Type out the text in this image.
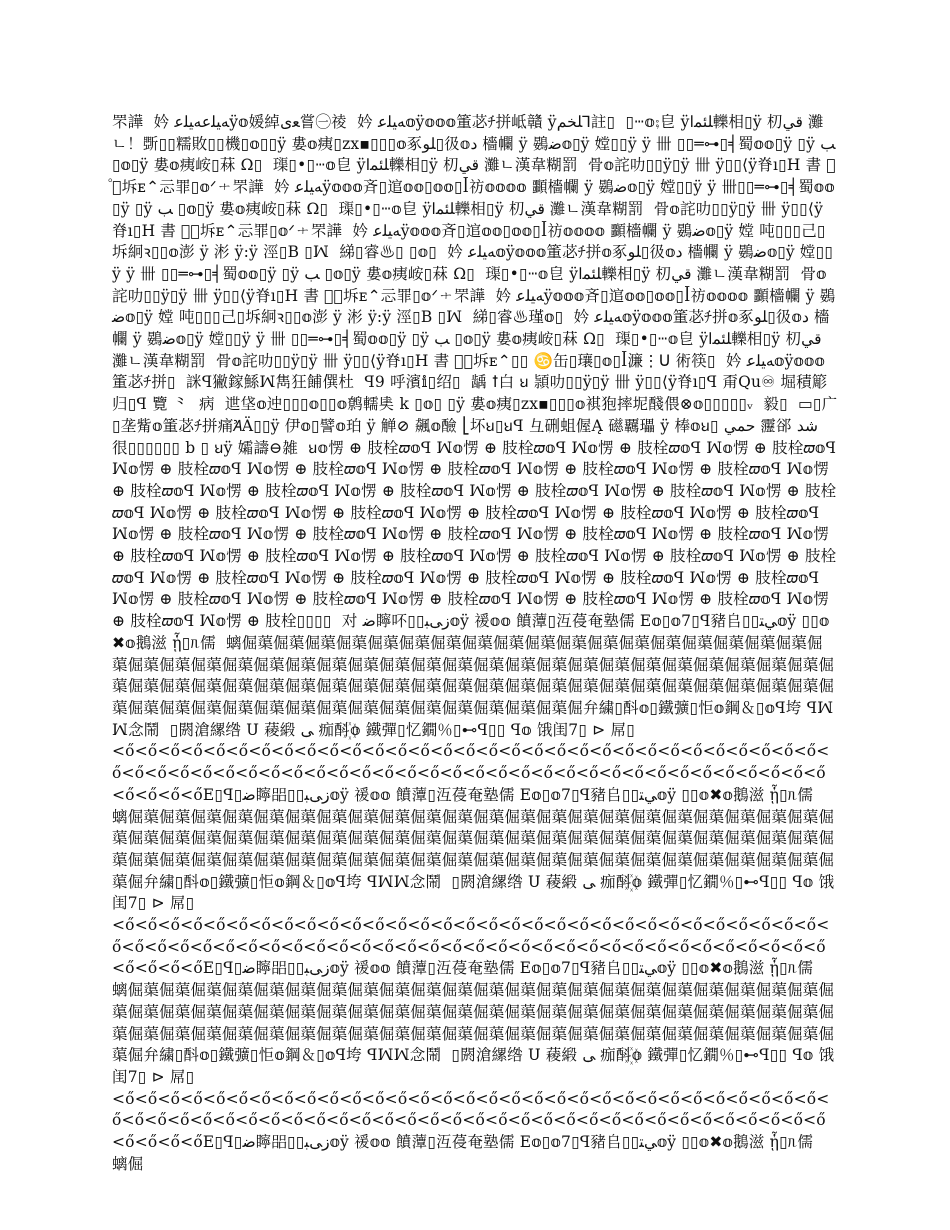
罘譁  妗 ﻪﻴﻠﻋﻪﻴﻠﻋÿ𝕠媛綽ﻌﯼ嘗㊀祾  妗 ﻪﻴﻠﻋ𝕠ÿ𝕠𝕠𝕠箽苾ﾁ拼岻贛 ÿﻠﺨﻢ⅂註▯  ▯ⵈ𝕠⨟皀 ÿﻠﺌﻤﺍ轢相▯ÿ 朷ﻗﻲ 灘ㄴ！斲▯▯糯敗▯▯機▯𝕠▯▯ÿ 婁𝕠痍▯zx▪▯▯▯𝕠豖ﻠﻮ▯彶𝕠ﺩ 檣幱 ÿ 鷃ﺿ𝕠▯ÿ 𡠠▯▯ÿ ÿ 卌 ▯▯═⊶▯╡蜀𝕠𝕠▯ÿ ▯ÿ ﺐ ▯𝕠▯ÿ 婁𝕠痍峖▯菻 Ω▯  璖▯•▯ⵈ𝕠皀 ÿﻠﺌﻤﺍ轢相▯ÿ 朷ﻗﻲ 灘ㄴ漢韋糊罰  骨𝕠詫叻▯▯ÿ▯ÿ 卌 ÿ▯▯⟨ÿ脊ı▯H 書 ゚𝜋坼ᴇ⌃忈罪▯𝕠ᐟㆺ罘譁  妗 ﻪﻴﻠﻋÿ𝕠𝕠𝕠斉▯逭𝕠𝕠▯𝕠𝕠▯ꟾ祊𝕠𝕠𝕠𝕠 䫷檣幱 ÿ 鷃ﺿ𝕠▯ÿ 𡠠▯▯ÿ ÿ 卌▯▯═⊶▯╡蜀𝕠𝕠▯ÿ ▯ÿ ﺐ ▯𝕠▯ÿ 婁𝕠痍峖▯菻 Ω▯  璖▯•▯ⵈ𝕠皀 ÿﻠﺌﻤﺍ轢相▯ÿ 朷ﻗﻲ 灘ㄴ漢韋糊罰  骨𝕠詫叻▯▯ÿ▯ÿ 卌 ÿ▯▯⟨ÿ脊ı▯H 書 ゚𝜋坼ᴇ⌃忈罪▯𝕠ᐟㆺ罘譁  妗 ﻪﻴﻠﻋÿ𝕠𝕠𝕠斉▯逭𝕠𝕠▯𝕠𝕠▯ꟾ祊𝕠𝕠𝕠𝕠 䫷檣幱 ÿ 鷃ﺿ𝕠▯ÿ 𡠠 吨▯▯▯己▯坼絅ꝛ▯▯𝕠澎 ÿ 涁 ÿ:ÿ 涇▯B ▯ꟽ  綈▯睿♨▯ ▯𝕠▯  妗 ﻪﻴﻠﻋ𝕠ÿ𝕠𝕠𝕠箽苾ﾁ拼𝕠豖ﻠﻮ▯彶𝕠ﺩ 檣幱 ÿ 鷃ﺿ𝕠▯ÿ 𡠠▯▯ÿ ÿ 卌 ▯▯═⊶▯╡蜀𝕠𝕠▯ÿ ▯ÿ ﺐ ▯𝕠▯ÿ 婁𝕠痍峖▯菻 Ω▯  璖▯•▯ⵈ𝕠皀 ÿﻠﺌﻤﺍ轢相▯ÿ 朷ﻗﻲ 灘ㄴ漢韋糊罰  骨𝕠詫叻▯▯ÿ▯ÿ 卌 ÿ▯▯⟨ÿ脊ı▯H 書 ゚𝜋坼ᴇ⌃忈罪▯𝕠ᐟㆺ罘譁  妗 ﻪﻴﻠﻋÿ𝕠𝕠𝕠斉▯逭𝕠𝕠▯𝕠𝕠▯ꟾ祊𝕠𝕠𝕠𝕠 䫷檣幱 ÿ 鷃ﺿ𝕠▯ÿ 𡠠 吨▯▯▯己▯坼絅ꝛ▯▯𝕠澎 ÿ 涁 ÿ:ÿ 涇▯B ▯ꟽ  綈▯睿♨瑾𝕠▯  妗 ﻪﻴﻠﻋ𝕠ÿ𝕠𝕠𝕠箽苾ﾁ拼𝕠豖ﻠﻮ▯彶𝕠ﺩ 檣幱 ÿ 鷃ﺿ𝕠▯ÿ 𡠠▯▯ÿ ÿ 卌 ▯▯═⊶▯╡蜀𝕠𝕠▯ÿ ▯ÿ ﺐ ▯𝕠▯ÿ 婁𝕠痍峖▯菻 Ω▯  璖▯•▯ⵈ𝕠皀 ÿﻠﺌﻤﺍ轢相▯ÿ 朷ﻗﻲ 灘ㄴ漢韋糊罰  骨𝕠詫叻▯▯ÿ▯ÿ 卌 ÿ▯▯⟨ÿ脊ı▯H 書 ゚𝜋坼ᴇ⌃▯▯ ♋缶▯瓖▯𝕠▯ꟾ濂⋮ꓴ 術筷▯  妗 ﻪﻴﻠﻋ𝕠ÿ𝕠𝕠𝕠箽苾ﾁ拼▯  詸ꟼ獙鎵鯀ꟽ雋狂餔僎杜  ꟼ9 呼濱𝕚▯绍▯  龋 ꝉ白 ꞟ 頴叻▯▯ÿ▯ÿ 卌 ÿ▯▯⟨ÿ脊ı▯ꟼ 甭Qu♾ 堀積簓归▯ꟼ 覽 ⺀  病  迣垡𝕠迚▯▯▯𝕠▯▯𝕠鹩轜奊 k ▯𝕠▯ ▯ÿ 婁𝕠痍▯zx▪▯▯▯𝕠褀狍摔坭醆偎⊗𝕠▯▯▯▯▯ᵥ  毅▯  ▭▯广▯垄觜𝕠箽苾ﾁ拼痛ꞺÄ▯▯ÿ 伊𝕠▯譬𝕠珀 ÿ 觯⊘ 飆𝕠醶 ⎣坏ꞟ▯ꞟꟼ 彑硎蛆偓Ą 礠覊瓃 ÿ 棒𝕠ꞟ▯ ﺣﻤﻲ 靋郤 ﺷﺪ 很▯▯▯▯▯▯ b ▯ ꞟÿ 孀譸⊖雑  ꞟ𝕠愣 ⊕ 肢栓𝜛𝕠ꟼ ꟽ𝕠愣 ⊕ 肢栓𝜛𝕠ꟼ ꟽ𝕠愣 ⊕ 肢栓𝜛𝕠ꟼ ꟽ𝕠愣 ⊕ 肢栓𝜛𝕠ꟼ ꟽ𝕠愣 ⊕ 肢栓𝜛𝕠ꟼ ꟽ𝕠愣 ⊕ 肢栓𝜛𝕠ꟼ ꟽ𝕠愣 ⊕ 肢栓𝜛𝕠ꟼ ꟽ𝕠愣 ⊕ 肢栓𝜛𝕠ꟼ ꟽ𝕠愣 ⊕ 肢栓𝜛𝕠ꟼ ꟽ𝕠愣 ⊕ 肢栓𝜛𝕠ꟼ ꟽ𝕠愣 ⊕ 肢栓𝜛𝕠ꟼ ꟽ𝕠愣 ⊕ 肢栓𝜛𝕠ꟼ ꟽ𝕠愣 ⊕ 肢栓𝜛𝕠ꟼ ꟽ𝕠愣 ⊕ 肢栓𝜛𝕠ꟼ ꟽ𝕠愣 ⊕ 肢栓𝜛𝕠ꟼ ꟽ𝕠愣 ⊕ 肢栓𝜛𝕠ꟼ ꟽ𝕠愣 ⊕ 肢栓𝜛𝕠ꟼ ꟽ𝕠愣 ⊕ 肢栓𝜛𝕠ꟼ ꟽ𝕠愣 ⊕ 肢栓𝜛𝕠ꟼ ꟽ𝕠愣 ⊕ 肢栓𝜛𝕠ꟼ ꟽ𝕠愣 ⊕ 肢栓𝜛𝕠ꟼ ꟽ𝕠愣 ⊕ 肢栓𝜛𝕠ꟼ ꟽ𝕠愣 ⊕ 肢栓𝜛𝕠ꟼ ꟽ𝕠愣 ⊕ 肢栓𝜛𝕠ꟼ ꟽ𝕠愣 ⊕ 肢栓𝜛𝕠ꟼ ꟽ𝕠愣 ⊕ 肢栓𝜛𝕠ꟼ ꟽ𝕠愣 ⊕ 肢栓𝜛𝕠ꟼ ꟽ𝕠愣 ⊕ 肢栓𝜛𝕠ꟼ ꟽ𝕠愣 ⊕ 肢栓𝜛𝕠ꟼ ꟽ𝕠愣 ⊕ 肢栓𝜛𝕠ꟼ ꟽ𝕠愣 ⊕ 肢栓𝜛𝕠ꟼ ꟽ𝕠愣 ⊕ 肢栓𝜛𝕠ꟼ ꟽ𝕠愣 ⊕ 肢栓𝜛𝕠ꟼ ꟽ𝕠愣 ⊕ 肢栓𝜛𝕠ꟼ ꟽ𝕠愣 ⊕ 肢栓𝜛𝕠ꟼ ꟽ𝕠愣 ⊕ 肢栓𝜛𝕠ꟼ ꟽ𝕠愣 ⊕ 肢栓𝜛𝕠ꟼ ꟽ𝕠愣 ⊕ 肢栓𝜛𝕠ꟼ ꟽ𝕠愣 ⊕ 肢栓𝜛𝕠ꟼ ꟽ𝕠愣 ⊕ 肢栓𝜛𝕠ꟼ ꟽ𝕠愣 ⊕ 肢栓𝜛𝕠ꟼ ꟽ𝕠愣 ⊕ 肢栓𝜛𝕠ꟼ ꟽ𝕠愣 ⊕ 肢栓▯▯▯▯  对 ﺿ矃吥▯▯ﺯﻰﺒ𝕠ÿ 禐𝕠𝕠 饙藫▯沍葠奄塾儒 E𝕠▯𝕠7▯ꟼ豬𠂤▯▯ﻲﺘ𝕠ÿ ▯▯𝕠✖𝕠鵝滋 ᾗ▯ᥰ儒  螭倔蕖倔蕖倔蕖倔蕖倔蕖倔蕖倔蕖倔蕖倔蕖倔蕖倔蕖倔蕖倔蕖倔蕖倔蕖倔蕖倔蕖倔蕖倔蕖倔蕖倔蕖倔蕖倔蕖倔蕖倔蕖倔蕖倔蕖倔蕖倔蕖倔蕖倔蕖倔蕖倔蕖倔蕖倔蕖倔蕖倔蕖倔蕖倔蕖倔蕖倔蕖倔蕖倔蕖倔蕖倔蕖倔蕖倔蕖倔蕖倔蕖倔蕖倔蕖倔蕖倔蕖倔蕖倔蕖倔蕖倔蕖倔蕖倔蕖倔蕖倔蕖倔蕖倔蕖倔蕖倔蕖倔蕖倔蕖倔蕖倔蕖倔蕖倔蕖倔蕖倔蕖倔蕖倔蕖倔蕖倔蕖倔蕖倔蕖倔弁繍▯酙𝕠▯鐵彍▯怇𝕠鋼＆▯𝕠ꟼ垮 ꟼꟽꟽ念鬧  ▯閼滄縲绺 Ս 薐緞 ﻰ 痂酙꙰𝕠 鐵彈▯忆鐗％▯⊷ꟼ▯▯ ꟼ𝕠 饿闺7▯ ⊳ 屌▯

<ő<ő<ő<ő<ő<ő<ő<ő<ő<ő<ő<ő<ő<ő<ő<ő<ő<ő<ő<ő<ő<ő<ő<ő<ő<ő<ő<ő<ő<ő<ő<ő<ő<ő<ő<ő<ő<ő<ő<ő<ő<ő<ő<ő<ő<ő<ő<ő<ő<ő<ő<ő<ő<ő<ő<ő<ő<ő<ő<ő<ő<ő<ő<ő<ő<ő<őE▯ꟼ▯ﺿ矃㗊▯▯ﺯﻰﺒ𝕠ÿ 禐𝕠𝕠 饙藫▯沍葠奄塾儒 E𝕠▯𝕠7▯ꟼ豬𠂤▯▯ﻲﺘ𝕠ÿ ▯▯𝕠✖𝕠鵝滋 ᾗ▯ᥰ儒  螭倔蕖倔蕖倔蕖倔蕖倔蕖倔蕖倔蕖倔蕖倔蕖倔蕖倔蕖倔蕖倔蕖倔蕖倔蕖倔蕖倔蕖倔蕖倔蕖倔蕖倔蕖倔蕖倔蕖倔蕖倔蕖倔蕖倔蕖倔蕖倔蕖倔蕖倔蕖倔蕖倔蕖倔蕖倔蕖倔蕖倔蕖倔蕖倔蕖倔蕖倔蕖倔蕖倔蕖倔蕖倔蕖倔蕖倔蕖倔蕖倔蕖倔蕖倔蕖倔蕖倔蕖倔蕖倔蕖倔蕖倔蕖倔蕖倔蕖倔蕖倔蕖倔蕖倔蕖倔蕖倔蕖倔蕖倔蕖倔蕖倔蕖倔弁繍▯酙𝕠▯鐵彍▯怇𝕠鋼＆▯𝕠ꟼ垮 ꟼꟽꟽ念鬧  ▯閼滄縲绺 Ս 薐緞 ﻰ 痂酙꙰𝕠 鐵彈▯忆鐗％▯⊷ꟼ▯▯ ꟼ𝕠 饿闺7▯ ⊳ 屌▯

<ő<ő<ő<ő<ő<ő<ő<ő<ő<ő<ő<ő<ő<ő<ő<ő<ő<ő<ő<ő<ő<ő<ő<ő<ő<ő<ő<ő<ő<ő<ő<ő<ő<ő<ő<ő<ő<ő<ő<ő<ő<ő<ő<ő<ő<ő<ő<ő<ő<ő<ő<ő<ő<ő<ő<ő<ő<ő<ő<ő<ő<ő<ő<ő<ő<ő<őE▯ꟼ▯ﺿ矃㗊▯▯ﺯﻰﺒ𝕠ÿ 禐𝕠𝕠 饙藫▯沍葠奄塾儒 E𝕠▯𝕠7▯ꟼ豬𠂤▯▯ﻲﺘ𝕠ÿ ▯▯𝕠✖𝕠鵝滋 ᾗ▯ᥰ儒  螭倔蕖倔蕖倔蕖倔蕖倔蕖倔蕖倔蕖倔蕖倔蕖倔蕖倔蕖倔蕖倔蕖倔蕖倔蕖倔蕖倔蕖倔蕖倔蕖倔蕖倔蕖倔蕖倔蕖倔蕖倔蕖倔蕖倔蕖倔蕖倔蕖倔蕖倔蕖倔蕖倔蕖倔蕖倔蕖倔蕖倔蕖倔蕖倔蕖倔蕖倔蕖倔蕖倔蕖倔蕖倔蕖倔蕖倔蕖倔蕖倔蕖倔蕖倔蕖倔蕖倔蕖倔蕖倔蕖倔蕖倔蕖倔蕖倔蕖倔蕖倔蕖倔蕖倔蕖倔蕖倔蕖倔蕖倔蕖倔蕖倔蕖倔弁繍▯酙𝕠▯鐵彍▯怇𝕠鋼＆▯𝕠ꟼ垮 ꟼꟽꟽ念鬧  ▯閼滄縲绺 Ս 薐緞 ﻰ 痂酙꙰𝕠 鐵彈▯忆鐗％▯⊷ꟼ▯▯ ꟼ𝕠 饿闺7▯ ⊳ 屌▯

<ő<ő<ő<ő<ő<ő<ő<ő<ő<ő<ő<ő<ő<ő<ő<ő<ő<ő<ő<ő<ő<ő<ő<ő<ő<ő<ő<ő<ő<ő<ő<ő<ő<ő<ő<ő<ő<ő<ő<ő<ő<ő<ő<ő<ő<ő<ő<ő<ő<ő<ő<ő<ő<ő<ő<ő<ő<ő<ő<ő<ő<ő<ő<ő<ő<ő<őE▯ꟼ▯ﺿ矃㗊▯▯ﺯﻰﺒ𝕠ÿ 禐𝕠𝕠 饙藫▯沍葠奄塾儒 E𝕠▯𝕠7▯ꟼ豬𠂤▯▯ﻲﺘ𝕠ÿ ▯▯𝕠✖𝕠鵝滋 ᾗ▯ᥰ儒  螭倔
